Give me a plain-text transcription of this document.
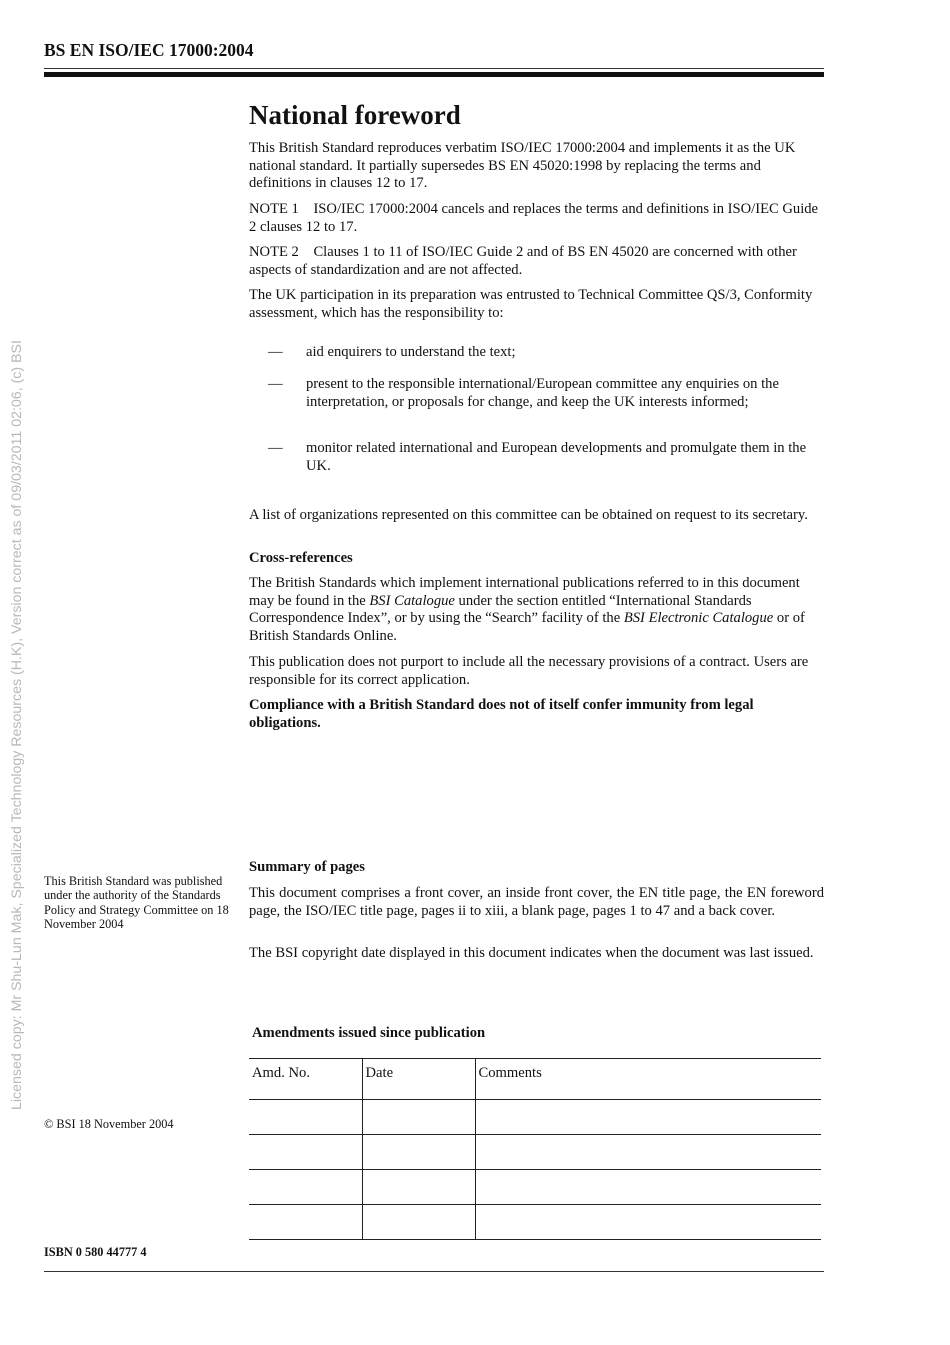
BS EN ISO/IEC 17000:2004
Licensed copy: Mr Shu-Lun Mak, Specialized Technology Resources (H.K), Version correct as of 09/03/2011 02:06, (c) BSI
National foreword

This British Standard reproduces verbatim ISO/IEC 17000:2004 and implements it as the UK national standard. It partially supersedes BS EN 45020:1998 by replacing the terms and definitions in clauses 12 to 17.

NOTE 1    ISO/IEC 17000:2004 cancels and replaces the terms and definitions in ISO/IEC Guide 2 clauses 12 to 17.

NOTE 2    Clauses 1 to 11 of ISO/IEC Guide 2 and of BS EN 45020 are concerned with other aspects of standardization and are not affected.

The UK participation in its preparation was entrusted to Technical Committee QS/3, Conformity assessment, which has the responsibility to:

— aid enquirers to understand the text;
— present to the responsible international/European committee any enquiries on the interpretation, or proposals for change, and keep the UK interests informed;
— monitor related international and European developments and promulgate them in the UK.

A list of organizations represented on this committee can be obtained on request to its secretary.

Cross-references

The British Standards which implement international publications referred to in this document may be found in the BSI Catalogue under the section entitled “International Standards Correspondence Index”, or by using the “Search” facility of the BSI Electronic Catalogue or of British Standards Online.

This publication does not purport to include all the necessary provisions of a contract. Users are responsible for its correct application.

Compliance with a British Standard does not of itself confer immunity from legal obligations.

Summary of pages

This document comprises a front cover, an inside front cover, the EN title page, the EN foreword page, the ISO/IEC title page, pages ii to xiii, a blank page, pages 1 to 47 and a back cover.

The BSI copyright date displayed in this document indicates when the document was last issued.

This British Standard was published under the authority of the Standards Policy and Strategy Committee on 18 November 2004
© BSI 18 November 2004

Amendments issued since publication

Amd. No.	Date	Comments

ISBN 0 580 44777 4
